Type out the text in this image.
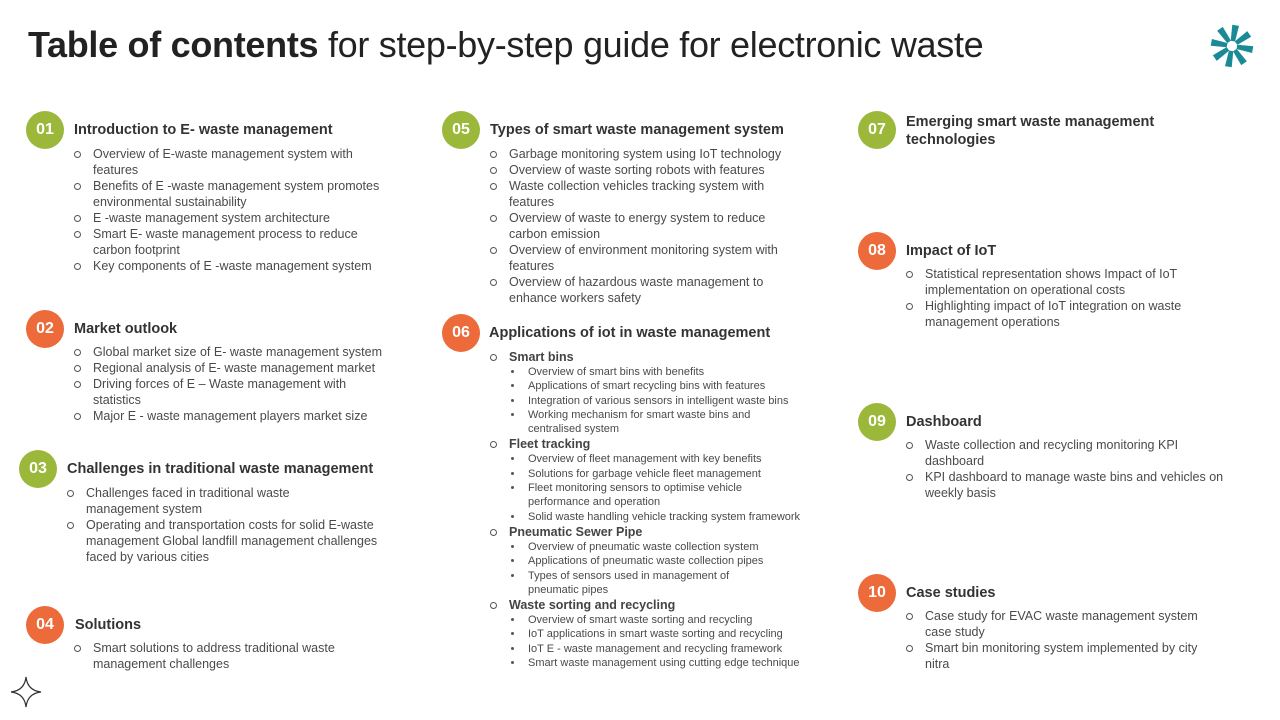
Table of contents for step-by-step guide for electronic waste
01	Introduction to E- waste management
Overview of E-waste management system with features
Benefits of E -waste management system promotes environmental sustainability
E -waste management system architecture
Smart E- waste management process to reduce carbon footprint
Key components of E -waste management system
02	Market outlook
Global market size of E- waste management system
Regional analysis of E- waste management market
Driving forces of E – Waste management with statistics
Major E - waste management players market size
03	Challenges in traditional waste management
Challenges faced in traditional waste management system
Operating and transportation costs for solid E-waste management Global landfill management challenges faced by various cities
04	Solutions
Smart solutions to address traditional waste management challenges
05	Types of smart waste management system
Garbage monitoring system using IoT technology
Overview of waste sorting robots with features
Waste collection vehicles tracking system with features
Overview of waste to energy system to reduce carbon emission
Overview of environment monitoring system with features
Overview of hazardous waste management to enhance workers safety
06	Applications of iot in waste management
Smart bins
Overview of smart bins with benefits
Applications of smart recycling bins with features
Integration of various sensors in intelligent waste bins
Working mechanism for smart waste bins and centralised system
Fleet tracking
Overview of fleet management with key benefits
Solutions for garbage vehicle fleet management
Fleet monitoring sensors to optimise vehicle performance and operation
Solid waste handling vehicle tracking system framework
Pneumatic Sewer Pipe
Overview of pneumatic waste collection system
Applications of pneumatic waste collection pipes
Types of sensors used in management of pneumatic pipes
Waste sorting and recycling
Overview of smart waste sorting and recycling
IoT applications in smart waste sorting and recycling
IoT E - waste management and recycling framework
Smart waste management using cutting edge technique
07	Emerging smart waste management technologies
08	Impact of IoT
Statistical representation shows Impact of IoT implementation on operational costs
Highlighting impact of IoT integration on waste management operations
09	Dashboard
Waste collection and recycling monitoring KPI dashboard
KPI dashboard to manage waste bins and vehicles on weekly basis
10	Case studies
Case study for EVAC waste management system case study
Smart bin monitoring system implemented by city nitra
